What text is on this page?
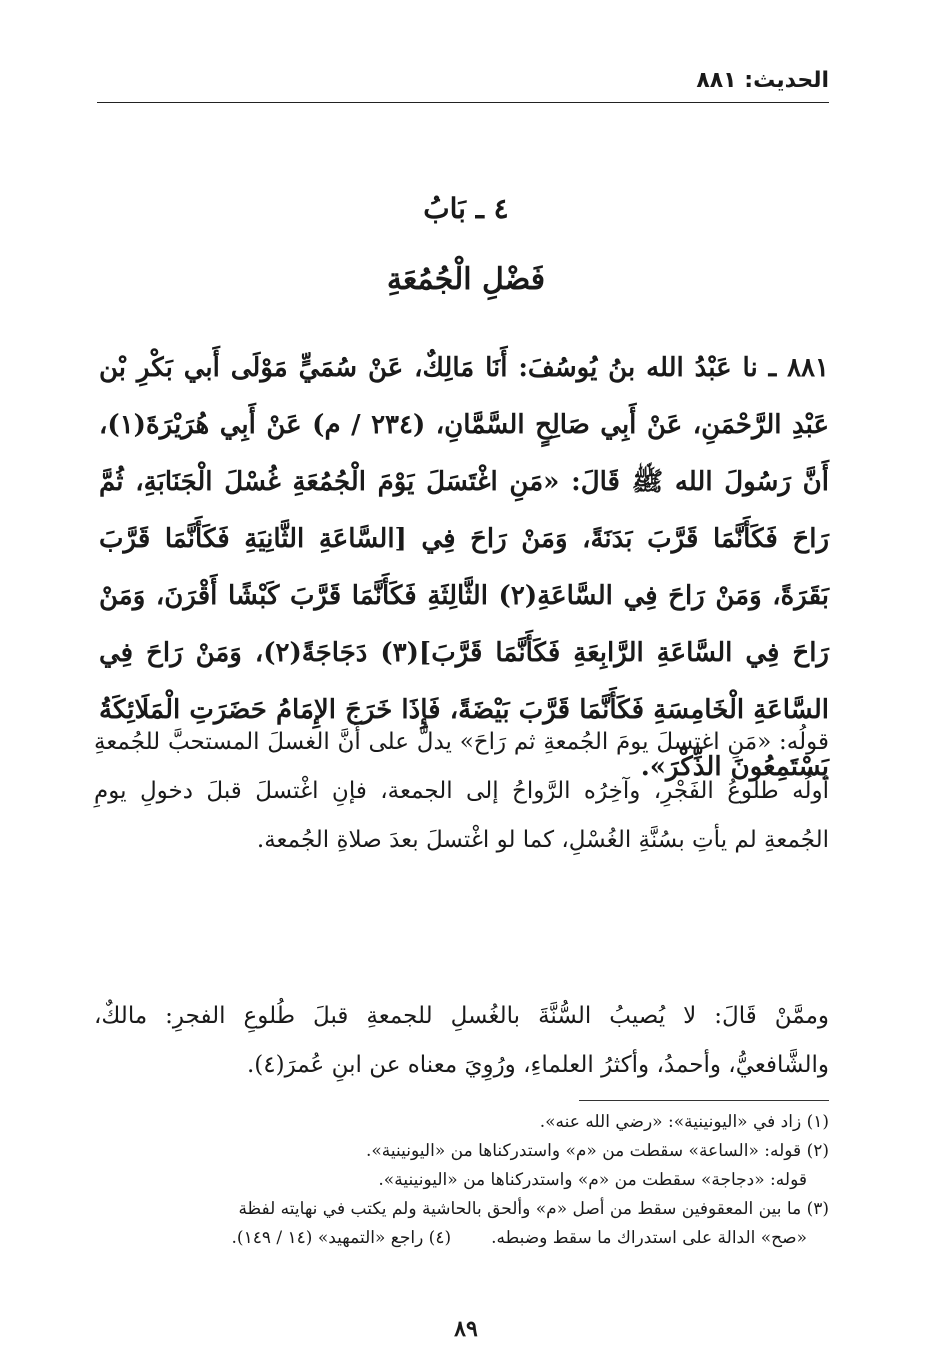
الحديث: ٨٨١
٤ ـ بَابُ
فَضْلِ الْجُمُعَةِ
٨٨١ ـ نا عَبْدُ الله بنُ يُوسُفَ: أَنَا مَالِكٌ، عَنْ سُمَيٍّ مَوْلَى أَبي بَكْرِ بْن عَبْدِ الرَّحْمَنِ، عَنْ أَبِي صَالِحٍ السَّمَّانِ، (٢٣٤ / م) عَنْ أَبِي هُرَيْرَةَ(١)، أَنَّ رَسُولَ الله ﷺ قَالَ: «مَنِ اغْتَسَلَ يَوْمَ الْجُمُعَةِ غُسْلَ الْجَنَابَةِ، ثُمَّ رَاحَ فَكَأَنَّمَا قَرَّبَ بَدَنَةً، وَمَنْ رَاحَ فِي [السَّاعَةِ الثَّانِيَةِ فَكَأَنَّمَا قَرَّبَ بَقَرَةً، وَمَنْ رَاحَ فِي السَّاعَةِ(٢) الثَّالِثَةِ فَكَأَنَّمَا قَرَّبَ كَبْشًا أَقْرَنَ، وَمَنْ رَاحَ فِي السَّاعَةِ الرَّابِعَةِ فَكَأَنَّمَا قَرَّبَ](٣) دَجَاجَةً(٢)، وَمَنْ رَاحَ فِي السَّاعَةِ الْخَامِسَةِ فَكَأَنَّمَا قَرَّبَ بَيْضَةً، فَإِذَا خَرَجَ الإِمَامُ حَضَرَتِ الْمَلَائِكَةُ يَسْتَمِعُونَ الذِّكْرَ».
قولُه: «مَنِ اغتسلَ يومَ الجُمعةِ ثم رَاحَ» يدلُّ على أَنَّ الغسلَ المستحبَّ للجُمعةِ أولُه طلوعُ الفَجْرِ، وآخِرُه الرَّواحُ إلى الجمعة، فإنِ اغْتسلَ قبلَ دخولِ يومِ الجُمعةِ لم يأتِ بسُنَّةِ الغُسْلِ، كما لو اغْتسلَ بعدَ صلاةِ الجُمعة.
وممَّنْ قَالَ: لا يُصيبُ السُّنَّةَ بالغُسلِ للجمعةِ قبلَ طُلوعِ الفجرِ: مالكٌ، والشَّافعيُّ، وأحمدُ، وأكثرُ العلماءِ، ورُوِيَ معناه عن ابنِ عُمرَ(٤).
(١) زاد في «اليونينية»: «رضي الله عنه».
(٢) قوله: «الساعة» سقطت من «م» واستدركناها من «اليونينية».
قوله: «دجاجة» سقطت من «م» واستدركناها من «اليونينية».
(٣) ما بين المعقوفين سقط من أصل «م» وألحق بالحاشية ولم يكتب في نهايته لفظة
«صح» الدالة على استدراك ما سقط وضبطه.(٤) راجع «التمهيد» (١٤ / ١٤٩).
٨٩
